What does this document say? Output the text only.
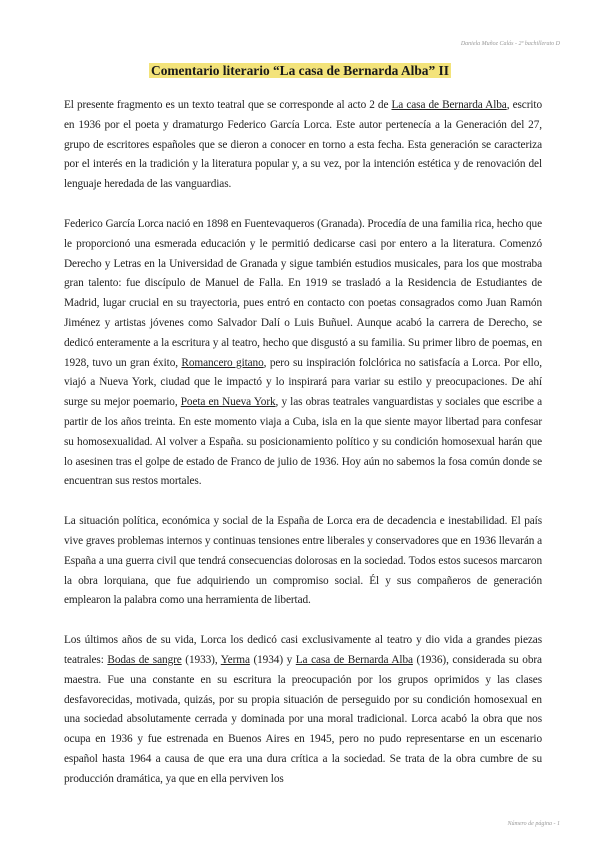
Daniela Muñoz Calás - 2º bachillerato D
Comentario literario “La casa de Bernarda Alba” II

El presente fragmento es un texto teatral que se corresponde al acto 2 de La casa de Bernarda Alba, escrito en 1936 por el poeta y dramaturgo Federico García Lorca. Este autor pertenecía a la Generación del 27, grupo de escritores españoles que se dieron a conocer en torno a esta fecha. Esta generación se caracteriza por el interés en la tradición y la literatura popular y, a su vez, por la intención estética y de renovación del lenguaje heredada de las vanguardias.

Federico García Lorca nació en 1898 en Fuentevaqueros (Granada). Procedía de una familia rica, hecho que le proporcionó una esmerada educación y le permitió dedicarse casi por entero a la literatura. Comenzó Derecho y Letras en la Universidad de Granada y sigue también estudios musicales, para los que mostraba gran talento: fue discípulo de Manuel de Falla. En 1919 se trasladó a la Residencia de Estudiantes de Madrid, lugar crucial en su trayectoria, pues entró en contacto con poetas consagrados como Juan Ramón Jiménez y artistas jóvenes como Salvador Dalí o Luis Buñuel. Aunque acabó la carrera de Derecho, se dedicó enteramente a la escritura y al teatro, hecho que disgustó a su familia. Su primer libro de poemas, en 1928, tuvo un gran éxito, Romancero gitano, pero su inspiración folclórica no satisfacía a Lorca. Por ello, viajó a Nueva York, ciudad que le impactó y lo inspirará para variar su estilo y preocupaciones. De ahí surge su mejor poemario, Poeta en Nueva York, y las obras teatrales vanguardistas y sociales que escribe a partir de los años treinta. En este momento viaja a Cuba, isla en la que siente mayor libertad para confesar su homosexualidad. Al volver a España. su posicionamiento político y su condición homosexual harán que lo asesinen tras el golpe de estado de Franco de julio de 1936. Hoy aún no sabemos la fosa común donde se encuentran sus restos mortales.

La situación política, económica y social de la España de Lorca era de decadencia e inestabilidad. El país vive graves problemas internos y continuas tensiones entre liberales y conservadores que en 1936 llevarán a España a una guerra civil que tendrá consecuencias dolorosas en la sociedad. Todos estos sucesos marcaron la obra lorquiana, que fue adquiriendo un compromiso social. Él y sus compañeros de generación emplearon la palabra como una herramienta de libertad.

Los últimos años de su vida, Lorca los dedicó casi exclusivamente al teatro y dio vida a grandes piezas teatrales: Bodas de sangre (1933), Yerma (1934) y La casa de Bernarda Alba (1936), considerada su obra maestra. Fue una constante en su escritura la preocupación por los grupos oprimidos y las clases desfavorecidas, motivada, quizás, por su propia situación de perseguido por su condición homosexual en una sociedad absolutamente cerrada y dominada por una moral tradicional. Lorca acabó la obra que nos ocupa en 1936 y fue estrenada en Buenos Aires en 1945, pero no pudo representarse en un escenario español hasta 1964 a causa de que era una dura crítica a la sociedad. Se trata de la obra cumbre de su producción dramática, ya que en ella perviven los

Número de página - 1
